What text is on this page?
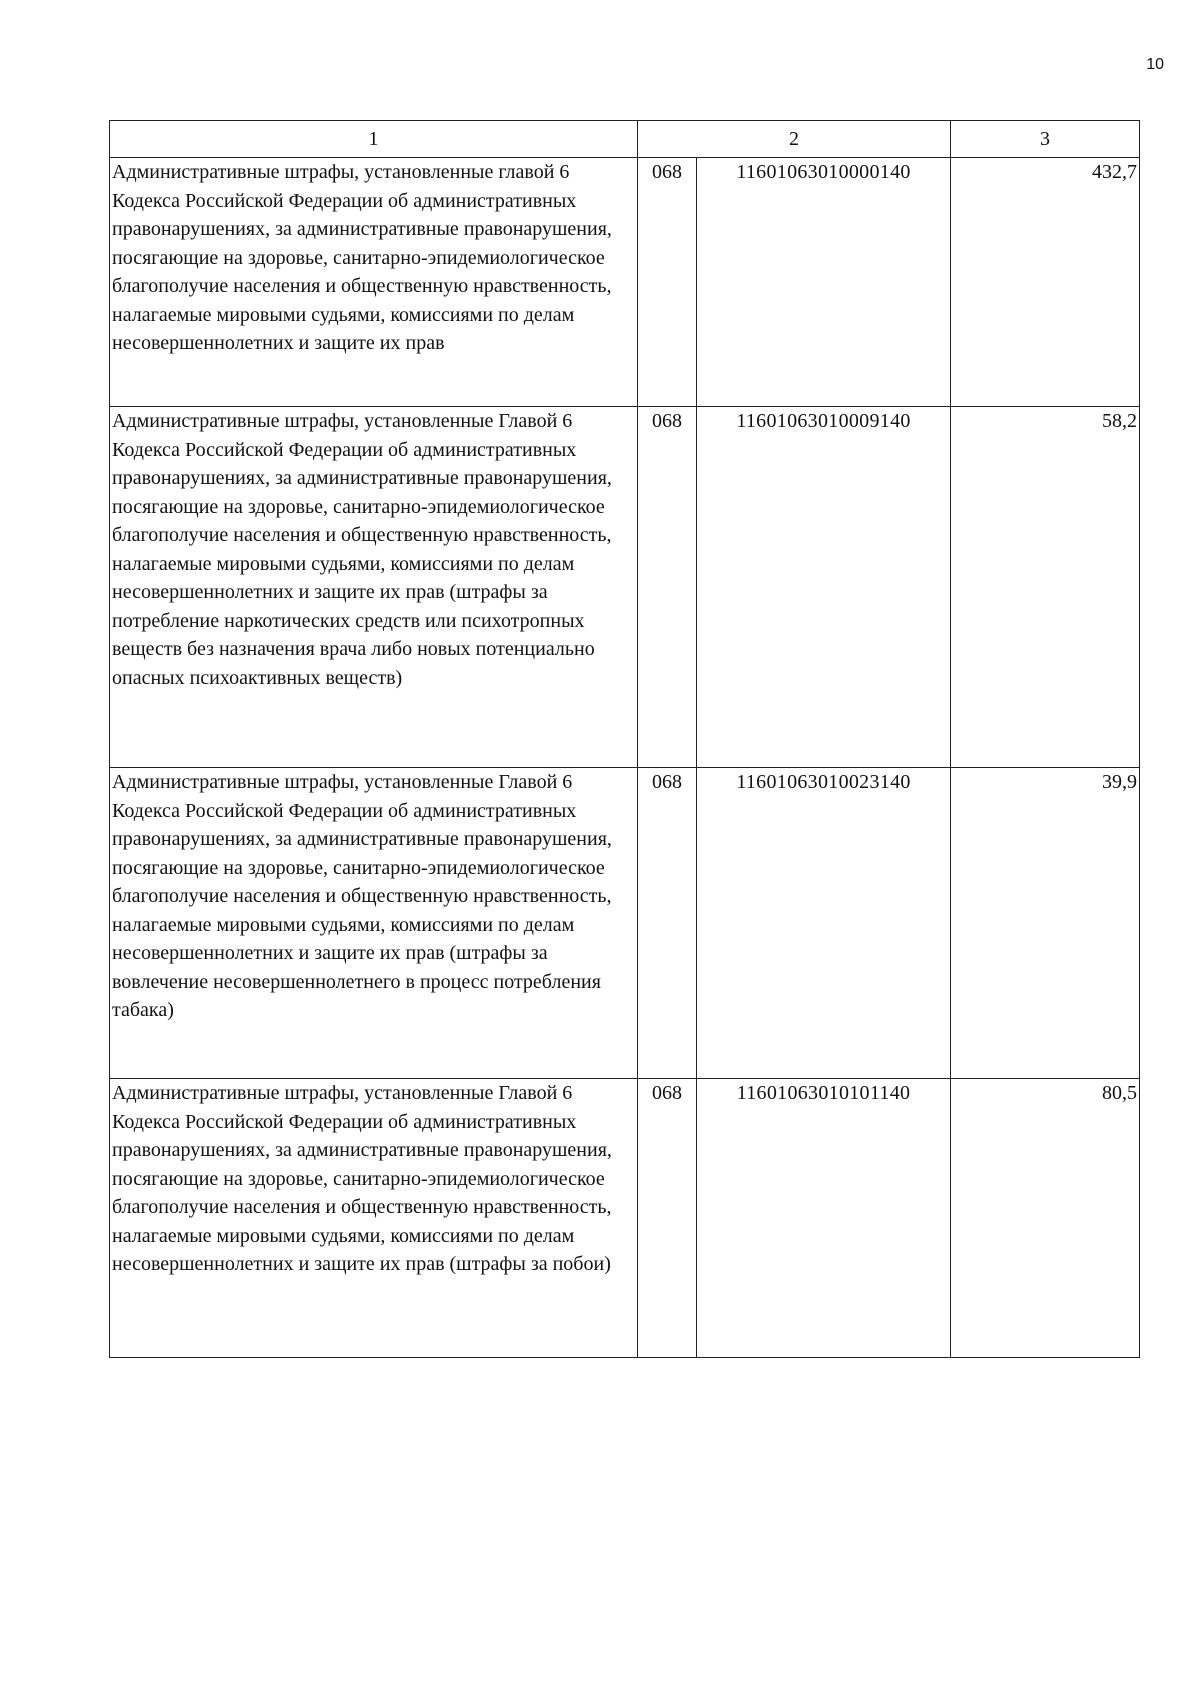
10
1	2		3

Административные штрафы, установленные главой 6 Кодекса Российской Федерации об административных правонарушениях, за административные правонарушения, посягающие на здоровье, санитарно-эпидемиологическое благополучие населения и общественную нравственность, налагаемые мировыми судьями, комиссиями по делам несовершеннолетних и защите их прав	068	11601063010000140	432,7

Административные штрафы, установленные Главой 6 Кодекса Российской Федерации об административных правонарушениях, за административные правонарушения, посягающие на здоровье, санитарно-эпидемиологическое благополучие населения и общественную нравственность, налагаемые мировыми судьями, комиссиями по делам несовершеннолетних и защите их прав (штрафы за потребление наркотических средств или психотропных веществ без назначения врача либо новых потенциально опасных психоактивных веществ)	068	11601063010009140	58,2

Административные штрафы, установленные Главой 6 Кодекса Российской Федерации об административных правонарушениях, за административные правонарушения, посягающие на здоровье, санитарно-эпидемиологическое благополучие населения и общественную нравственность, налагаемые мировыми судьями, комиссиями по делам несовершеннолетних и защите их прав (штрафы за вовлечение несовершеннолетнего в процесс потребления табака)	068	11601063010023140	39,9

Административные штрафы, установленные Главой 6 Кодекса Российской Федерации об административных правонарушениях, за административные правонарушения, посягающие на здоровье, санитарно-эпидемиологическое благополучие населения и общественную нравственность, налагаемые мировыми судьями, комиссиями по делам несовершеннолетних и защите их прав (штрафы за побои)	068	11601063010101140	80,5
